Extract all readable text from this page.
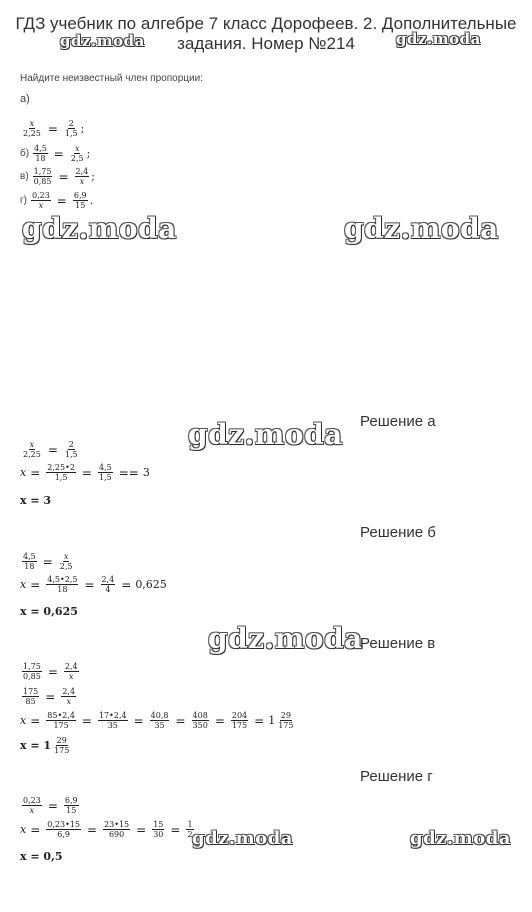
ГДЗ учебник по алгебре 7 класс Дорофеев. 2. Дополнительные задания. Номер №214
gdz.moda	gdz.moda
gdz.moda	gdz.moda
gdz.moda
gdz.moda
gdz.moda	gdz.moda
Найдите неизвестный член пропорции:
а)
$\frac{x}{2,25} = \frac{2}{1,5}$ ;
$б) \frac{4,5}{18} = \frac{x}{2,5}$ ;
$в) \frac{1,75}{0,85} = \frac{2,4}{x}$ ;
$г) \frac{0,23}{x} = \frac{6,9}{15}$ .
Решение а
$\frac{x}{2,25} = \frac{2}{1,5}$
$x = \frac{2,25•2}{1,5} = \frac{4,5}{1,5} == 3$
x = 3
Решение б
$\frac{4,5}{18} = \frac{x}{2,5}$
$x = \frac{4,5•2,5}{18} = \frac{2,4}{4} = 0,625$
x = 0,625
Решение в
$\frac{1,75}{0,85} = \frac{2,4}{x}$
$\frac{175}{85} = \frac{2,4}{x}$
$x = \frac{85•2,4}{175} = \frac{17•2,4}{35} = \frac{40,8}{35} = \frac{408}{350} = \frac{204}{175} = 1 \frac{29}{175}$
$x = 1 \frac{29}{175}$
Решение г
$\frac{0,23}{x} = \frac{6,9}{15}$
$x = \frac{0,23•15}{6,9} = \frac{23•15}{690} = \frac{15}{30} = \frac{1}{2}$
x = 0,5
